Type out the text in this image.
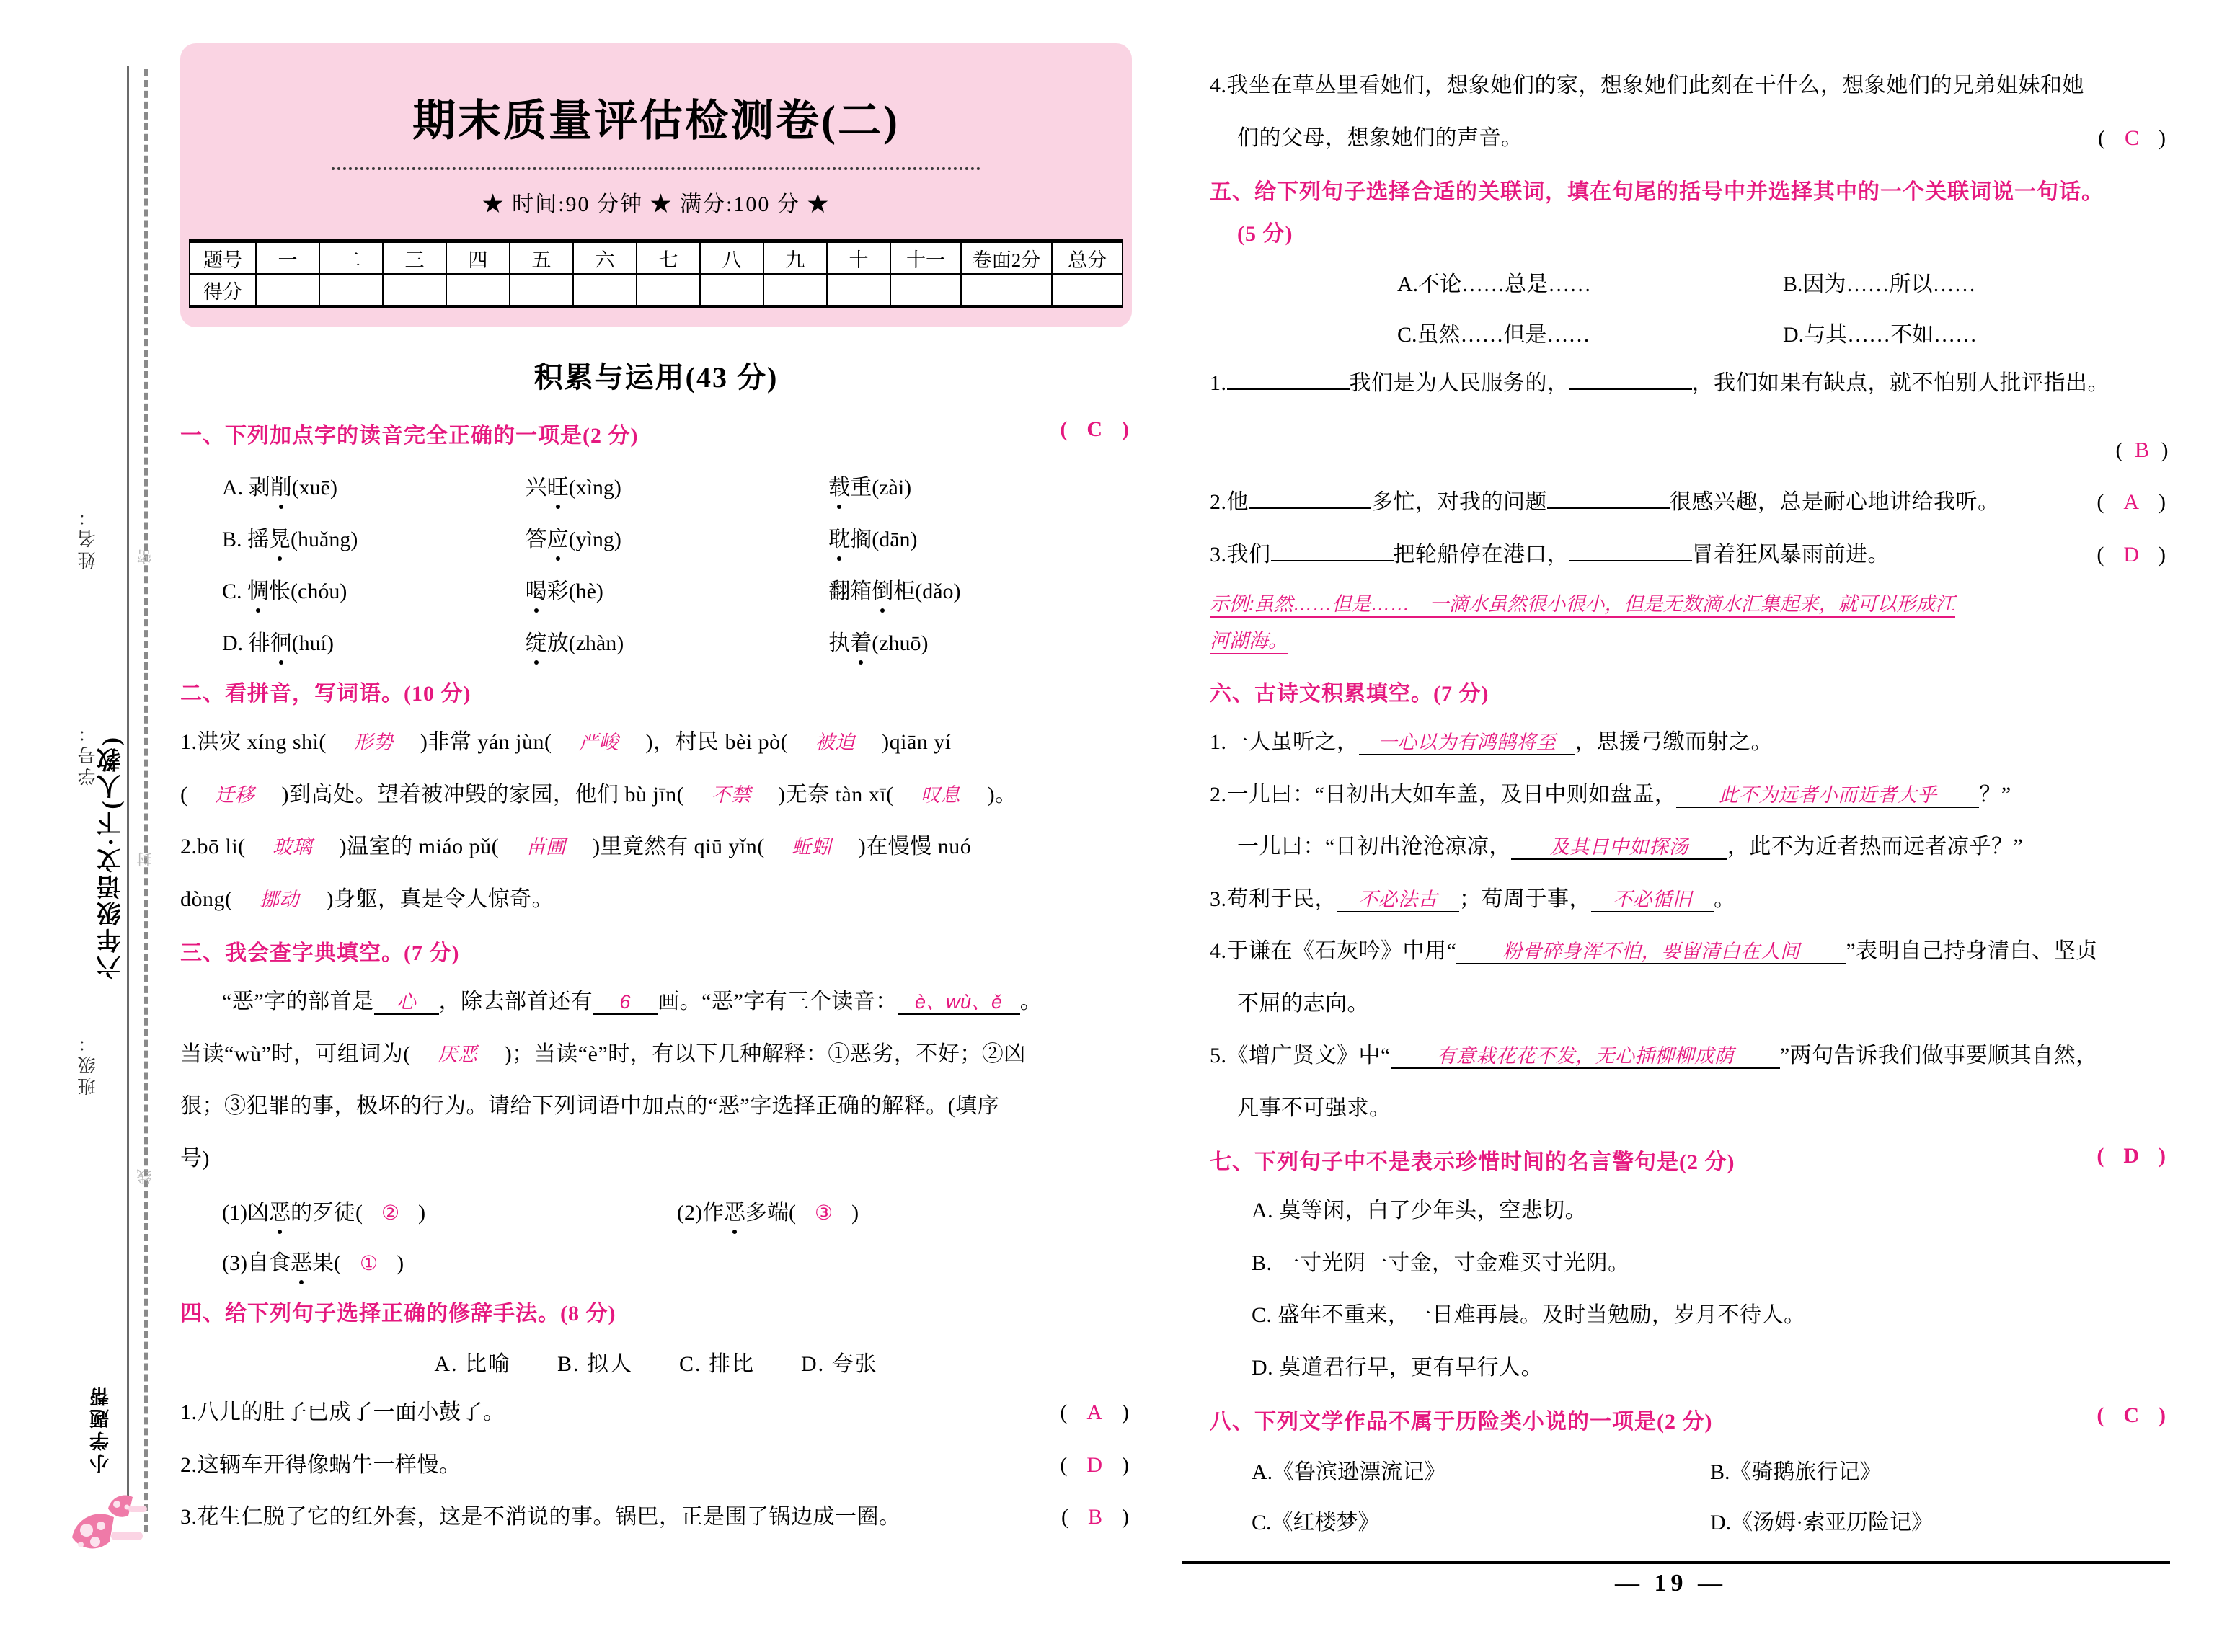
姓名：
学号：
班级：
六年级语文·下(人教)
密
封
线
小学题帮
期末质量评估检测卷(二)
★ 时间:90 分钟 ★ 满分:100 分 ★
题号	一	二	三	四	五	六	七	八	九	十	十一	卷面2分	总分
得分													
积累与运用(43 分)
一、下列加点字的读音完全正确的一项是(2 分)	(  C  )
A. 剥削(xuē)	兴旺(xìng)	载重(zài)
B. 摇晃(huǎng)	答应(yìng)	耽搁(dān)
C. 惆怅(chóu)	喝彩(hè)	翻箱倒柜(dǎo)
D. 徘徊(huí)	绽放(zhàn)	执着(zhuō)
二、看拼音，写词语。(10 分)
1.洪灾 xíng shì( 形势 )非常 yán jùn( 严峻 )，村民 bèi pò( 被迫 )qiān yí
( 迁移 )到高处。望着被冲毁的家园，他们 bù jīn( 不禁 )无奈 tàn xī( 叹息 )。
2.bō li( 玻璃 )温室的 miáo pǔ( 苗圃 )里竟然有 qiū yǐn( 蚯蚓 )在慢慢 nuó
dòng( 挪动 )身躯，真是令人惊奇。
三、我会查字典填空。(7 分)
“恶”字的部首是 心 ，除去部首还有 6 画。“恶”字有三个读音： è、wù、ě 。
当读“wù”时，可组词为( 厌恶 )；当读“è”时，有以下几种解释：①恶劣，不好；②凶
狠；③犯罪的事，极坏的行为。请给下列词语中加点的“恶”字选择正确的解释。(填序
号)
(1)凶恶的歹徒( ② )	(2)作恶多端( ③ )
(3)自食恶果( ① )
四、给下列句子选择正确的修辞手法。(8 分)
A. 比喻　　B. 拟人　　C. 排比　　D. 夸张
1.八儿的肚子已成了一面小鼓了。	(  A  )
2.这辆车开得像蜗牛一样慢。	(  D  )
3.花生仁脱了它的红外套，这是不消说的事。锅巴，正是围了锅边成一圈。	(  B  )
4.我坐在草丛里看她们，想象她们的家，想象她们此刻在干什么，想象她们的兄弟姐妹和她
们的父母，想象她们的声音。	(  C  )
五、给下列句子选择合适的关联词，填在句尾的括号中并选择其中的一个关联词说一句话。
(5 分)
A.不论……总是……	B.因为……所以……
C.虽然……但是……	D.与其……不如……
1.	我们是为人民服务的，	，我们如果有缺点，就不怕别人批评指出。
(  B  )
2.他	多忙，对我的问题	很感兴趣，总是耐心地讲给我听。	(  A  )
3.我们	把轮船停在港口，	冒着狂风暴雨前进。	(  D  )
示例:虽然……但是……　一滴水虽然很小很小，但是无数滴水汇集起来，就可以形成江
河湖海。
六、古诗文积累填空。(7 分)
1.一人虽听之， 一心以为有鸿鹄将至 ，思援弓缴而射之。
2.一儿曰：“日初出大如车盖，及日中则如盘盂， 此不为远者小而近者大乎 ？”
一儿曰：“日初出沧沧凉凉， 及其日中如探汤 ，此不为近者热而远者凉乎？”
3.苟利于民， 不必法古 ；苟周于事， 不必循旧 。
4.于谦在《石灰吟》中用“ 粉骨碎身浑不怕，要留清白在人间 ”表明自己持身清白、坚贞
不屈的志向。
5.《增广贤文》中“ 有意栽花花不发，无心插柳柳成荫 ”两句告诉我们做事要顺其自然，
凡事不可强求。
七、下列句子中不是表示珍惜时间的名言警句是(2 分)	(  D  )
A. 莫等闲，白了少年头，空悲切。
B. 一寸光阴一寸金，寸金难买寸光阴。
C. 盛年不重来，一日难再晨。及时当勉励，岁月不待人。
D. 莫道君行早，更有早行人。
八、下列文学作品不属于历险类小说的一项是(2 分)	(  C  )
A.《鲁滨逊漂流记》	B.《骑鹅旅行记》
C.《红楼梦》	D.《汤姆·索亚历险记》
— 19 —
